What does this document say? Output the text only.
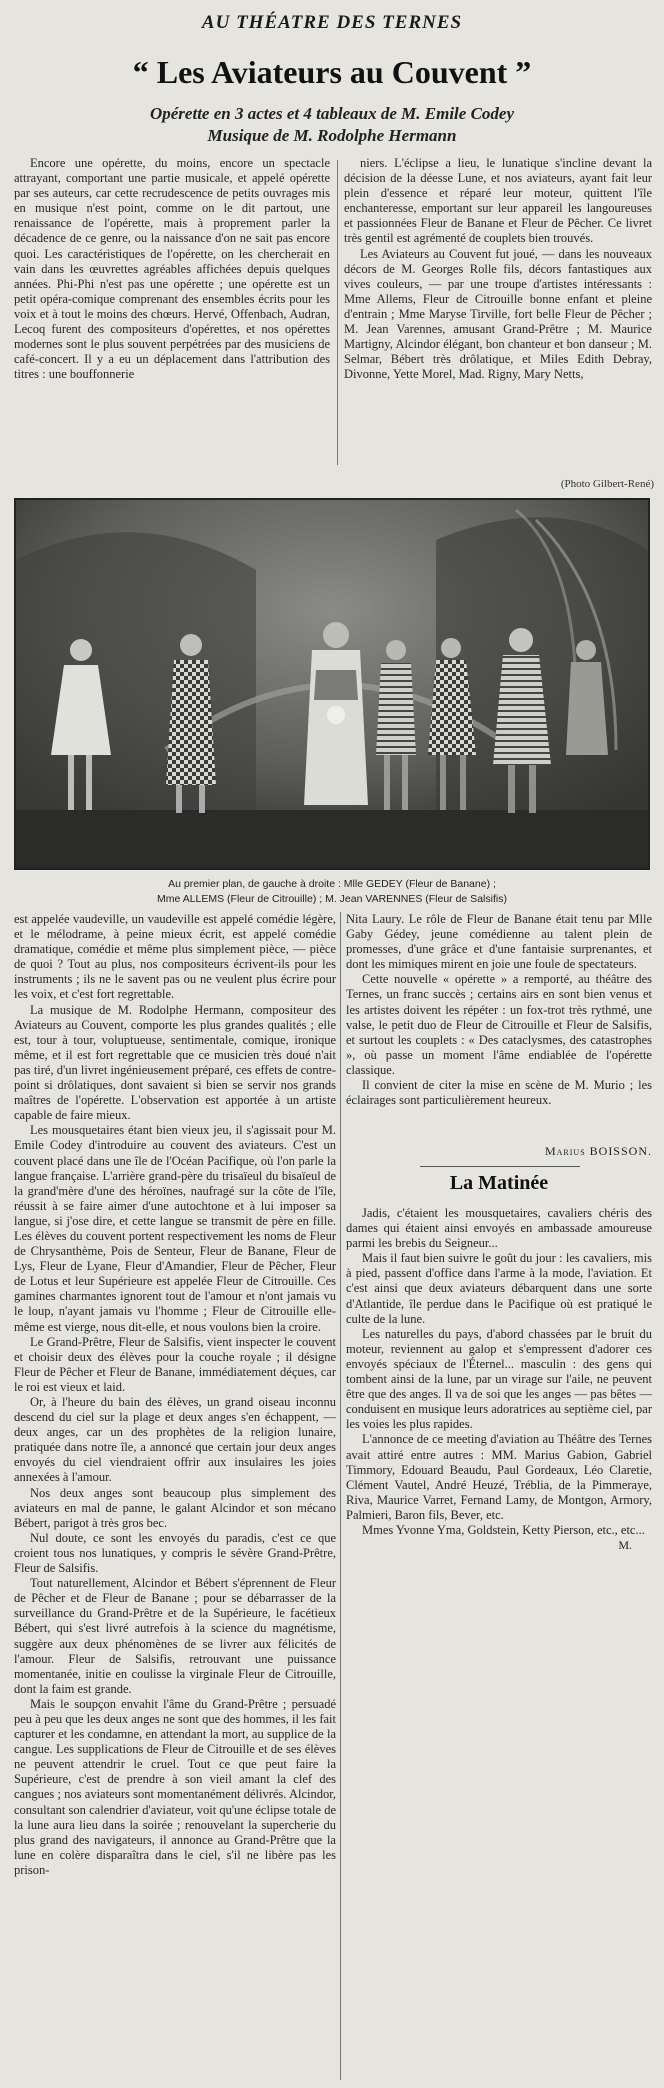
AU THÉATRE DES TERNES
“ Les Aviateurs au Couvent ”
Opérette en 3 actes et 4 tableaux de M. Emile Codey
Musique de M. Rodolphe Hermann

Encore une opérette, du moins, encore un spectacle attrayant, comportant une partie musicale, et appelé opérette par ses auteurs, car cette recrudescence de petits ouvrages mis en musique n'est point, comme on le dit partout, une renaissance de l'opérette, mais à proprement parler la décadence de ce genre, ou la naissance d'on ne sait pas encore quoi. Les caractéristiques de l'opérette, on les chercherait en vain dans les œuvrettes agréables affichées depuis quelques années. Phi-Phi n'est pas une opérette ; une opérette est un petit opéra-comique comprenant des ensembles écrits pour les voix et à tout le moins des chœurs. Hervé, Offenbach, Audran, Lecoq furent des compositeurs d'opérettes, et nos opérettes modernes sont le plus souvent perpétrées par des musiciens de café-concert. Il y a eu un déplacement dans l'attribution des titres : une bouffonnerie

niers. L'éclipse a lieu, le lunatique s'incline devant la décision de la déesse Lune, et nos aviateurs, ayant fait leur plein d'essence et réparé leur moteur, quittent l'île enchanteresse, emportant sur leur appareil les langoureuses et passionnées Fleur de Banane et Fleur de Pêcher. Ce livret très gentil est agrémenté de couplets bien trouvés.

Les Aviateurs au Couvent fut joué, — dans les nouveaux décors de M. Georges Rolle fils, décors fantastiques aux vives couleurs, — par une troupe d'artistes intéressants : Mme Allems, Fleur de Citrouille bonne enfant et pleine d'entrain ; Mme Maryse Tirville, fort belle Fleur de Pêcher ; M. Jean Varennes, amusant Grand-Prêtre ; M. Maurice Martigny, Alcindor élégant, bon chanteur et bon danseur ; M. Selmar, Bébert très drôlatique, et Miles Edith Debray, Divonne, Yette Morel, Mad. Rigny, Mary Netts,

(Photo Gilbert-René)
Au premier plan, de gauche à droite : Mlle GEDEY (Fleur de Banane) ;
Mme ALLEMS (Fleur de Citrouille) ; M. Jean VARENNES (Fleur de Salsifis)

est appelée vaudeville, un vaudeville est appelé comédie légère, et le mélodrame, à peine mieux écrit, est appelé comédie dramatique, comédie et même plus simplement pièce, — pièce de quoi ? Tout au plus, nos compositeurs écrivent-ils pour les instruments ; ils ne le savent pas ou ne veulent plus écrire pour les voix, et c'est fort regrettable.

La musique de M. Rodolphe Hermann, compositeur des Aviateurs au Couvent, comporte les plus grandes qualités ; elle est, tour à tour, voluptueuse, sentimentale, comique, ironique même, et il est fort regrettable que ce musicien très doué n'ait pas tiré, d'un livret ingénieusement préparé, ces effets de contre-point si drôlatiques, dont savaient si bien se servir nos grands maîtres de l'opérette. L'observation est apportée à un artiste capable de faire mieux.

Les mousquetaires étant bien vieux jeu, il s'agissait pour M. Emile Codey d'introduire au couvent des aviateurs. C'est un couvent placé dans une île de l'Océan Pacifique, où l'on parle la langue française. L'arrière grand-père du trisaïeul du bisaïeul de la grand'mère d'une des héroïnes, naufragé sur la côte de l'île, réussit à se faire aimer d'une autochtone et à lui imposer sa langue, si j'ose dire, et cette langue se transmit de père en fille. Les élèves du couvent portent respectivement les noms de Fleur de Chrysanthème, Pois de Senteur, Fleur de Banane, Fleur de Lys, Fleur de Lyane, Fleur d'Amandier, Fleur de Pêcher, Fleur de Lotus et leur Supérieure est appelée Fleur de Citrouille. Ces gamines charmantes ignorent tout de l'amour et n'ont jamais vu le loup, n'ayant jamais vu l'homme ; Fleur de Citrouille elle-même est vierge, nous dit-elle, et nous voulons bien la croire.

Le Grand-Prêtre, Fleur de Salsifis, vient inspecter le couvent et choisir deux des élèves pour la couche royale ; il désigne Fleur de Pêcher et Fleur de Banane, immédiatement déçues, car le roi est vieux et laid.

Or, à l'heure du bain des élèves, un grand oiseau inconnu descend du ciel sur la plage et deux anges s'en échappent, — deux anges, car un des prophètes de la religion lunaire, pratiquée dans notre île, a annoncé que certain jour deux anges envoyés du ciel viendraient offrir aux insulaires les joies annexées à l'amour.

Nos deux anges sont beaucoup plus simplement des aviateurs en mal de panne, le galant Alcindor et son mécano Bébert, parigot à très gros bec.

Nul doute, ce sont les envoyés du paradis, c'est ce que croient tous nos lunatiques, y compris le sévère Grand-Prêtre, Fleur de Salsifis.

Tout naturellement, Alcindor et Bébert s'éprennent de Fleur de Pêcher et de Fleur de Banane ; pour se débarrasser de la surveillance du Grand-Prêtre et de la Supérieure, le facétieux Bébert, qui s'est livré autrefois à la science du magnétisme, suggère aux deux phénomènes de se livrer aux félicités de l'amour. Fleur de Salsifis, retrouvant une puissance momentanée, initie en coulisse la virginale Fleur de Citrouille, dont la faim est grande.

Mais le soupçon envahit l'âme du Grand-Prêtre ; persuadé peu à peu que les deux anges ne sont que des hommes, il les fait capturer et les condamne, en attendant la mort, au supplice de la cangue. Les supplications de Fleur de Citrouille et de ses élèves ne peuvent attendrir le cruel. Tout ce que peut faire la Supérieure, c'est de prendre à son vieil amant la clef des cangues ; nos aviateurs sont momentanément délivrés. Alcindor, consultant son calendrier d'aviateur, voit qu'une éclipse totale de la lune aura lieu dans la soirée ; renouvelant la supercherie du plus grand des navigateurs, il annonce au Grand-Prêtre que la lune en colère disparaîtra dans le ciel, s'il ne libère pas les prison-

Nita Laury. Le rôle de Fleur de Banane était tenu par Mlle Gaby Gédey, jeune comédienne au talent plein de promesses, d'une grâce et d'une fantaisie surprenantes, et dont les mimiques mirent en joie une foule de spectateurs.

Cette nouvelle « opérette » a remporté, au théâtre des Ternes, un franc succès ; certains airs en sont bien venus et les artistes doivent les répéter : un fox-trot très rythmé, une valse, le petit duo de Fleur de Citrouille et Fleur de Salsifis, et surtout les couplets : « Des cataclysmes, des catastrophes », où passe un moment l'âme endiablée de l'opérette classique.

Il convient de citer la mise en scène de M. Murio ; les éclairages sont particulièrement heureux.

Marius BOISSON.
La Matinée

Jadis, c'étaient les mousquetaires, cavaliers chéris des dames qui étaient ainsi envoyés en ambassade amoureuse parmi les brebis du Seigneur...

Mais il faut bien suivre le goût du jour : les cavaliers, mis à pied, passent d'office dans l'arme à la mode, l'aviation. Et c'est ainsi que deux aviateurs débarquent dans une sorte d'Atlantide, île perdue dans le Pacifique où est pratiqué le culte de la lune.

Les naturelles du pays, d'abord chassées par le bruit du moteur, reviennent au galop et s'empressent d'adorer ces envoyés spéciaux de l'Éternel... masculin : des gens qui tombent ainsi de la lune, par un virage sur l'aile, ne peuvent être que des anges. Il va de soi que les anges — pas bêtes — conduisent en musique leurs adoratrices au septième ciel, par les voies les plus rapides.

L'annonce de ce meeting d'aviation au Théâtre des Ternes avait attiré entre autres : MM. Marius Gabion, Gabriel Timmory, Edouard Beaudu, Paul Gordeaux, Léo Claretie, Clément Vautel, André Heuzé, Tréblia, de la Pimmeraye, Riva, Maurice Varret, Fernand Lamy, de Montgon, Armory, Palmieri, Baron fils, Bever, etc.

Mmes Yvonne Yma, Goldstein, Ketty Pierson, etc., etc...

M.
